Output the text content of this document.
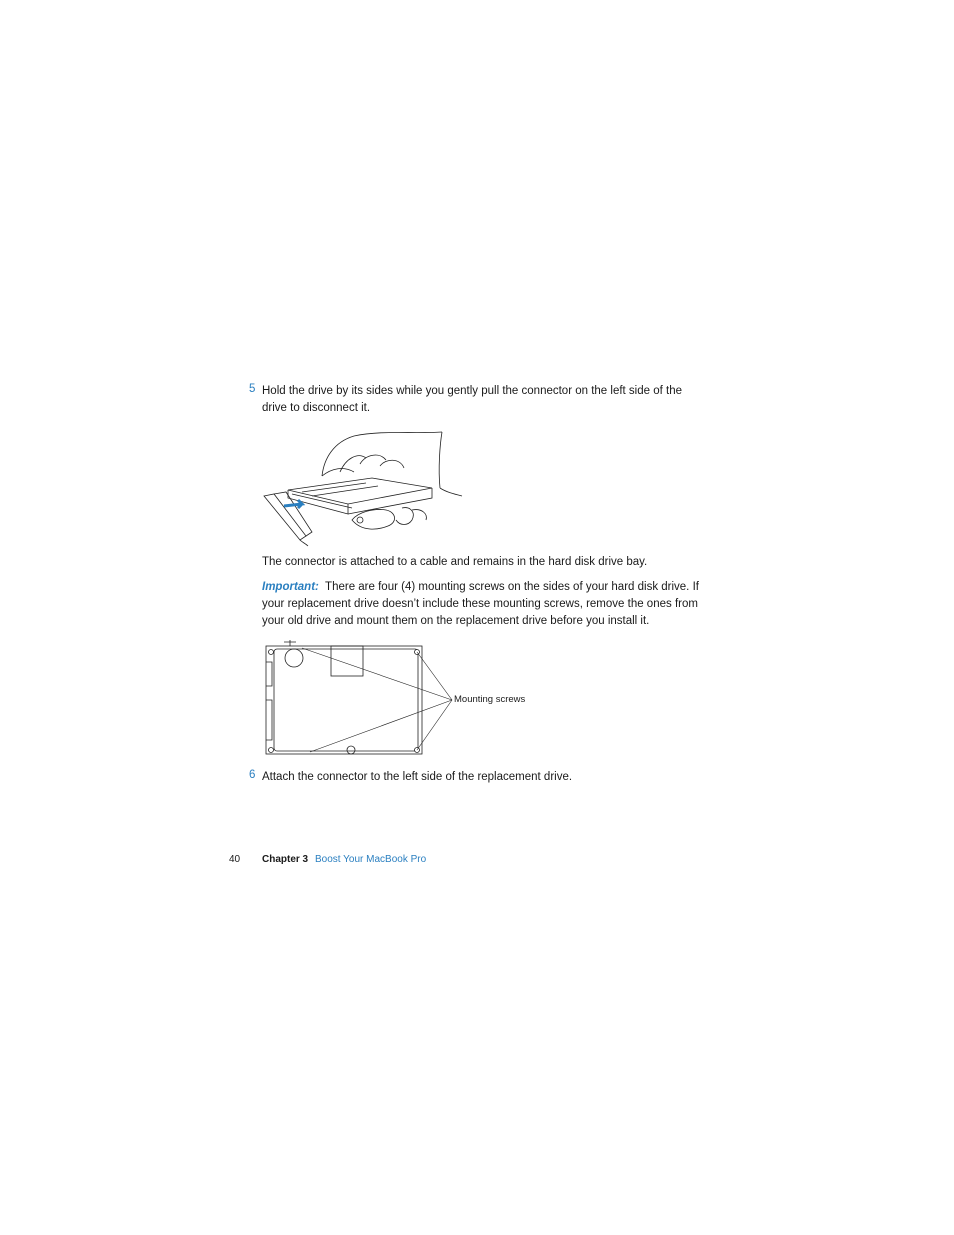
5 Hold the drive by its sides while you gently pull the connector on the left side of the drive to disconnect it.
The connector is attached to a cable and remains in the hard disk drive bay.
Important: There are four (4) mounting screws on the sides of your hard disk drive. If your replacement drive doesn’t include these mounting screws, remove the ones from your old drive and mount them on the replacement drive before you install it.
Mounting screws
6 Attach the connector to the left side of the replacement drive.
40 Chapter 3 Boost Your MacBook Pro
